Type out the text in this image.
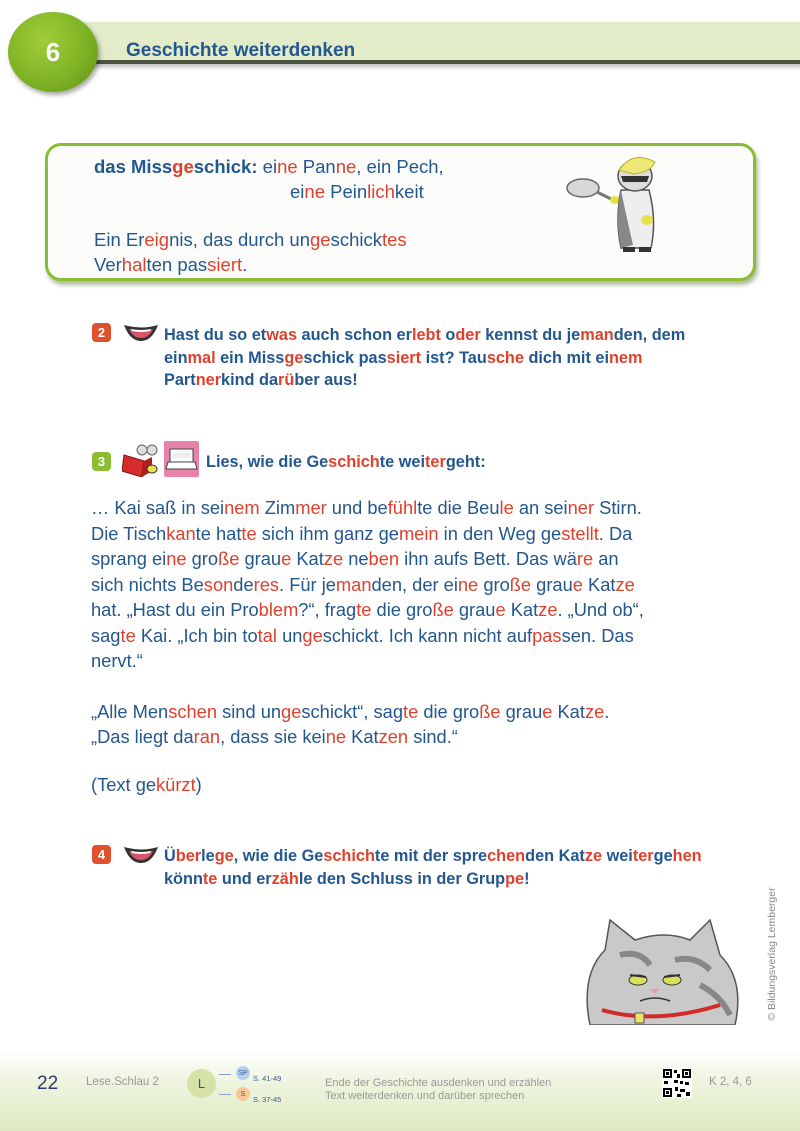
6	Geschichte weiterdenken
das Missgeschick: eine Panne, ein Pech,
eine Peinlichkeit
Ein Ereignis, das durch ungeschicktes
Verhalten passiert.
2	Hast du so etwas auch schon erlebt oder kennst du jemanden, dem
einmal ein Missgeschick passiert ist? Tausche dich mit einem
Partnerkind darüber aus!
3	Lies, wie die Geschichte weitergeht:
… Kai saß in seinem Zimmer und befühlte die Beule an seiner Stirn.
Die Tischkante hatte sich ihm ganz gemein in den Weg gestellt. Da
sprang eine große graue Katze neben ihn aufs Bett. Das wäre an
sich nichts Besonderes. Für jemanden, der eine große graue Katze
hat. „Hast du ein Problem?“, fragte die große graue Katze. „Und ob“,
sagte Kai. „Ich bin total ungeschickt. Ich kann nicht aufpassen. Das
nervt.“
„Alle Menschen sind ungeschickt“, sagte die große graue Katze.
„Das liegt daran, dass sie keine Katzen sind.“
(Text gekürzt)
4	Überlege, wie die Geschichte mit der sprechenden Katze weitergehen
könnte und erzähle den Schluss in der Gruppe!
© Bildungsverlag Lemberger
22 Lese.Schlau 2	L
SP
S. 41-49
S
S. 37-45
Ende der Geschichte ausdenken und erzählen
Text weiterdenken und darüber sprechen
K 2, 4, 6
